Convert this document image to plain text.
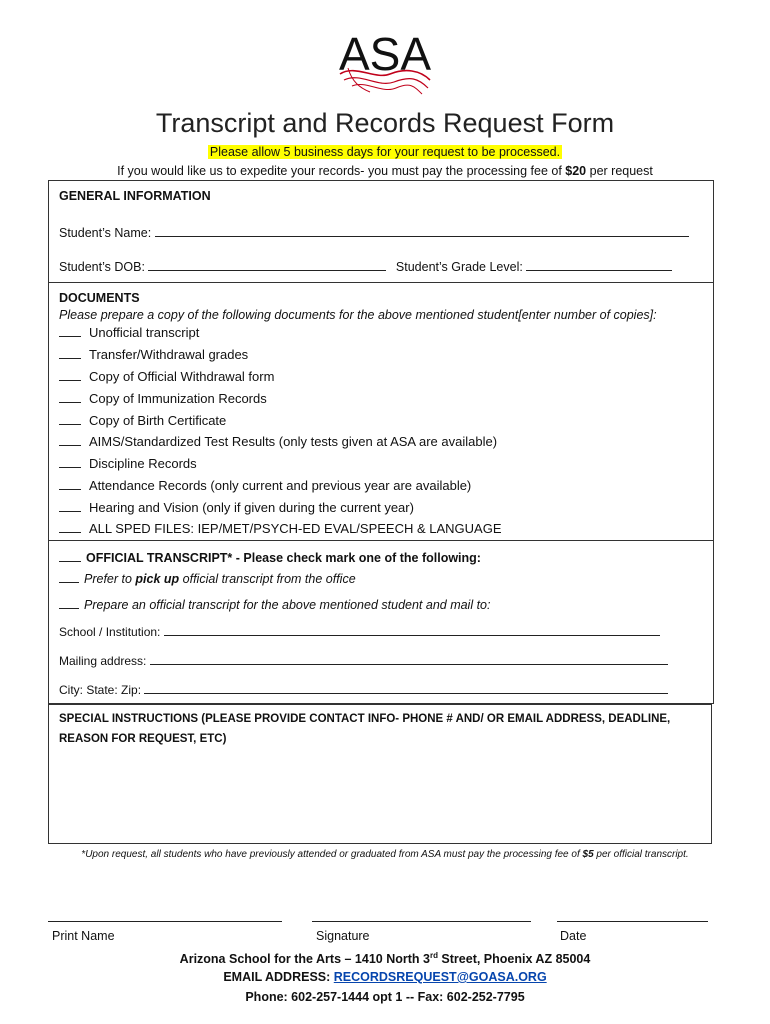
ASA
Transcript and Records Request Form
Please allow 5 business days for your request to be processed.
If you would like us to expedite your records- you must pay the processing fee of $20 per request
GENERAL INFORMATION
Student’s Name:
Student’s DOB:	Student’s Grade Level:
DOCUMENTS
Please prepare a copy of the following documents for the above mentioned student[enter number of copies]:
Unofficial transcript
Transfer/Withdrawal grades
Copy of Official Withdrawal form
Copy of Immunization Records
Copy of Birth Certificate
AIMS/Standardized Test Results (only tests given at ASA are available)
Discipline Records
Attendance Records (only current and previous year are available)
Hearing and Vision (only if given during the current year)
ALL SPED FILES: IEP/MET/PSYCH-ED EVAL/SPEECH & LANGUAGE
OFFICIAL TRANSCRIPT* - Please check mark one of the following:
Prefer to pick up official transcript from the office
Prepare an official transcript for the above mentioned student and mail to:
School / Institution:
Mailing address:
City: State: Zip:
SPECIAL INSTRUCTIONS (PLEASE PROVIDE CONTACT INFO- PHONE # AND/ OR EMAIL ADDRESS, DEADLINE,
REASON FOR REQUEST, ETC)
*Upon request, all students who have previously attended or graduated from ASA must pay the processing fee of $5 per official transcript.
Print Name	Signature	Date
Arizona School for the Arts – 1410 North 3rd Street, Phoenix AZ 85004
EMAIL ADDRESS: RECORDSREQUEST@GOASA.ORG
Phone: 602-257-1444 opt 1 -- Fax: 602-252-7795
